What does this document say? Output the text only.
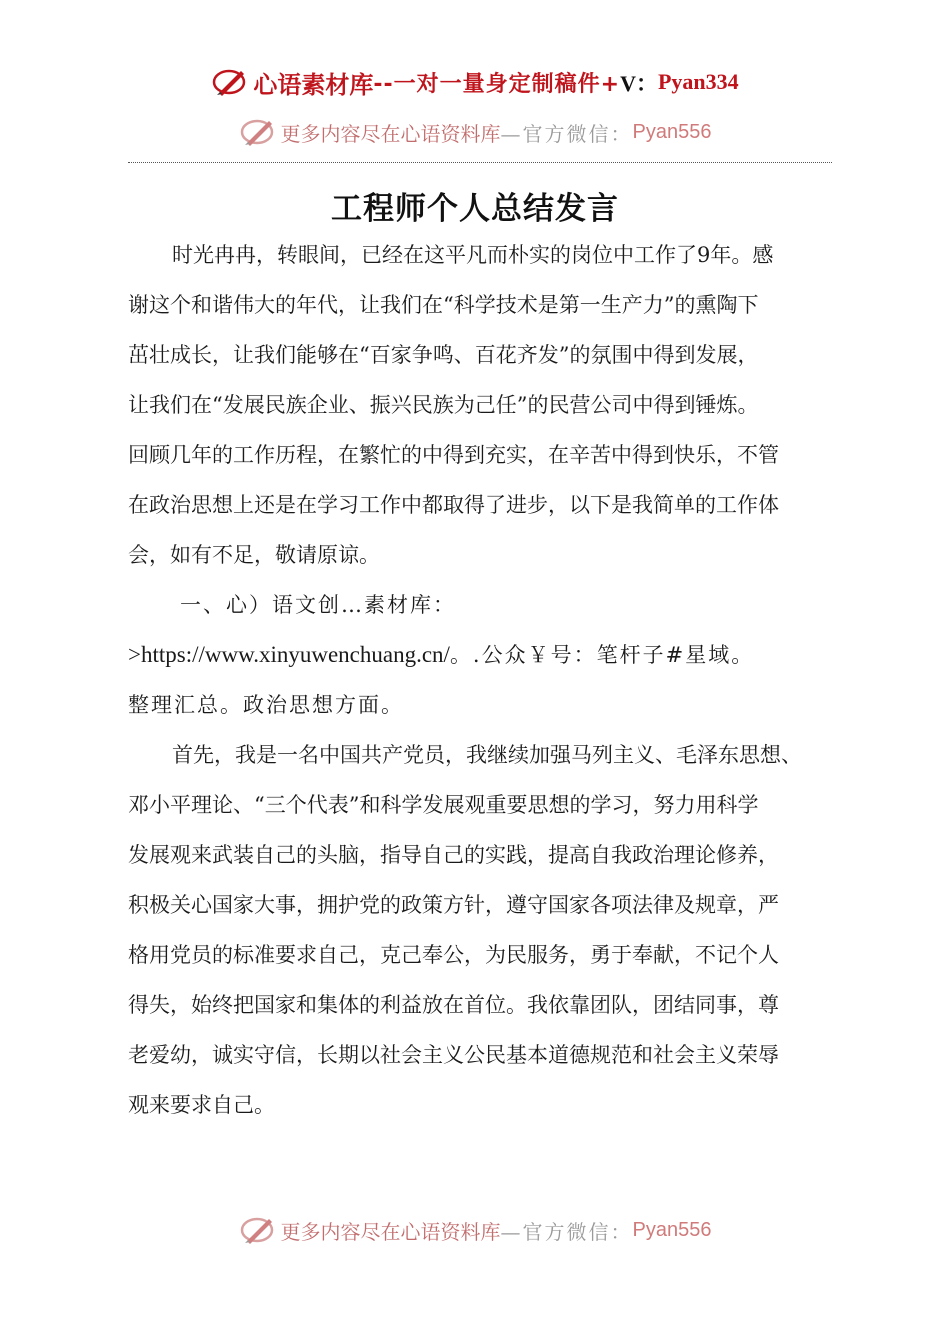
心语素材库 --一对一量身定制稿件+ V： Pyan334
更多内容尽在心语资料库 —官方微信： Pyan556
工程师个人总结发言
时光冉冉，转眼间，已经在这平凡而朴实的岗位中工作了9年。感
谢这个和谐伟大的年代，让我们在“科学技术是第一生产力”的熏陶下
茁壮成长，让我们能够在“百家争鸣、百花齐发”的氛围中得到发展，
让我们在“发展民族企业、振兴民族为己任”的民营公司中得到锤炼。
回顾几年的工作历程，在繁忙的中得到充实，在辛苦中得到快乐，不管
在政治思想上还是在学习工作中都取得了进步，以下是我简单的工作体
会，如有不足，敬请原谅。
一、心）语文创…素材库：
>https://www.xinyuwenchuang.cn/。.公众￥号：笔杆子#星域。
整理汇总。政治思想方面。
首先，我是一名中国共产党员，我继续加强马列主义、毛泽东思想、
邓小平理论、“三个代表”和科学发展观重要思想的学习，努力用科学
发展观来武装自己的头脑，指导自己的实践，提高自我政治理论修养，
积极关心国家大事，拥护党的政策方针，遵守国家各项法律及规章，严
格用党员的标准要求自己，克己奉公，为民服务，勇于奉献，不记个人
得失，始终把国家和集体的利益放在首位。我依靠团队，团结同事，尊
老爱幼，诚实守信，长期以社会主义公民基本道德规范和社会主义荣辱
观来要求自己。
更多内容尽在心语资料库 —官方微信： Pyan556
